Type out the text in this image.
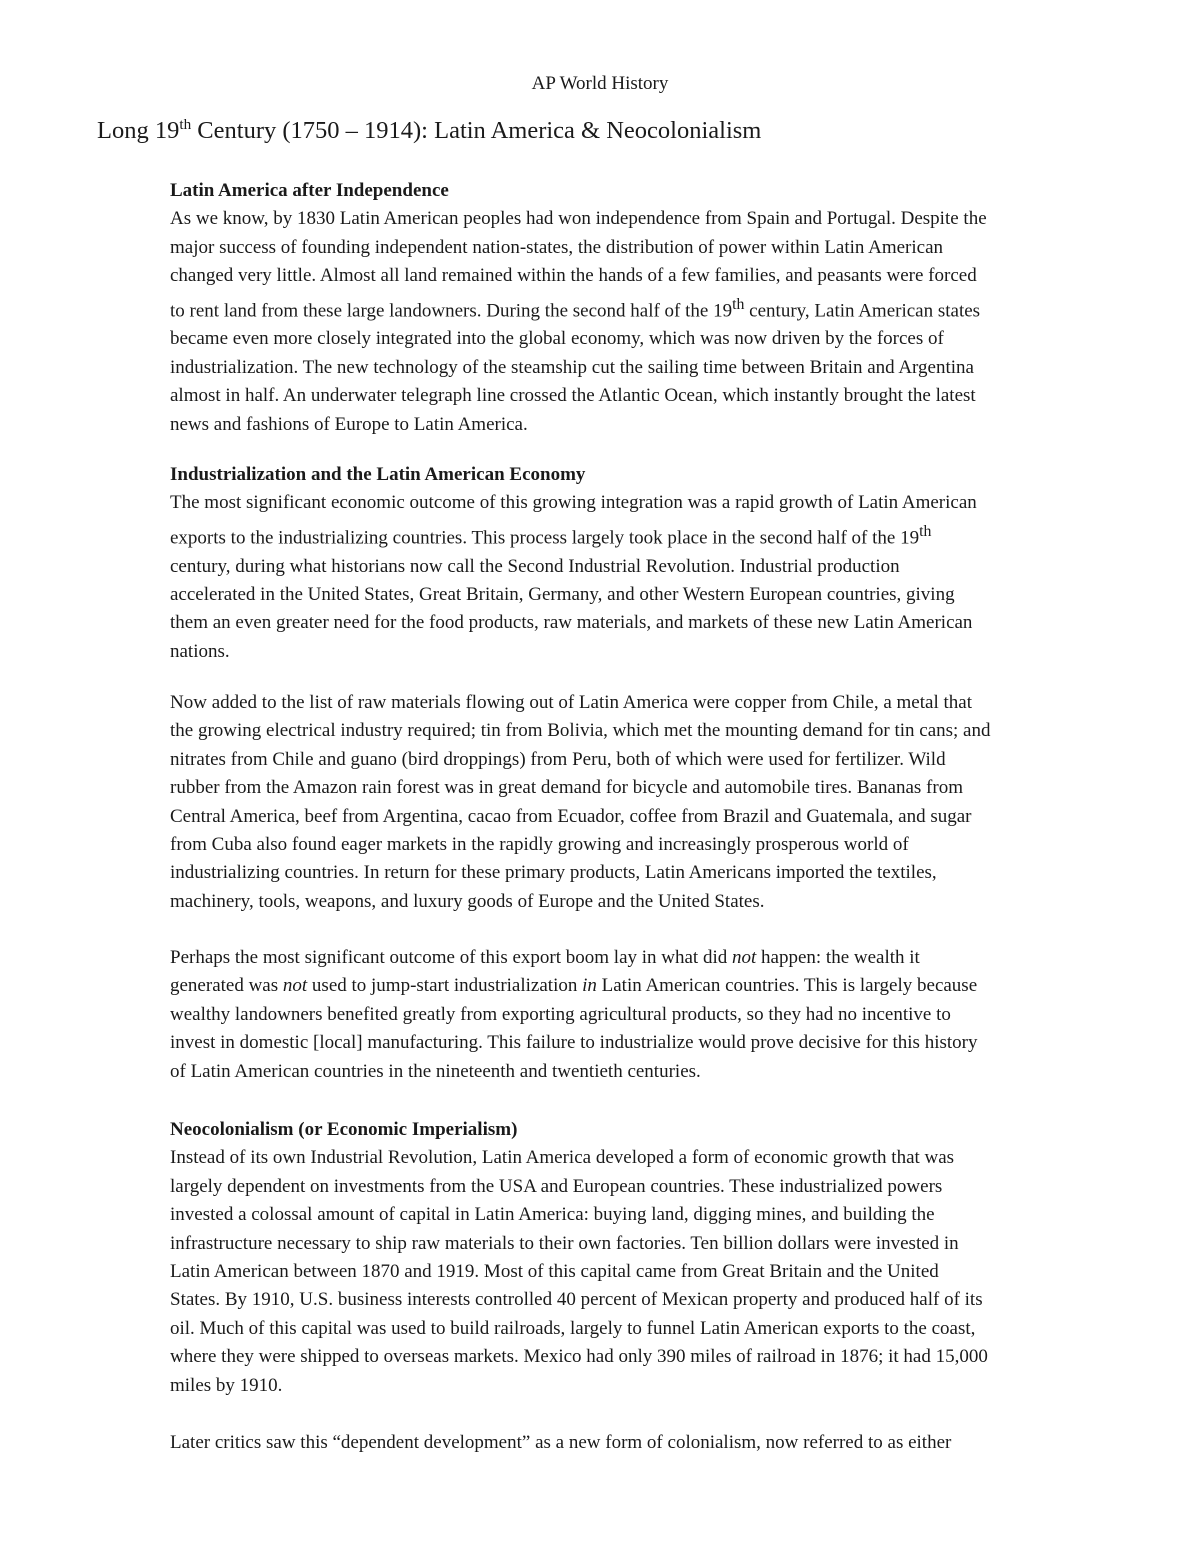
AP World History
Long 19th Century (1750 – 1914): Latin America & Neocolonialism
Latin America after Independence
As we know, by 1830 Latin American peoples had won independence from Spain and Portugal. Despite the
major success of founding independent nation-states, the distribution of power within Latin American
changed very little. Almost all land remained within the hands of a few families, and peasants were forced
to rent land from these large landowners. During the second half of the 19th century, Latin American states
became even more closely integrated into the global economy, which was now driven by the forces of
industrialization. The new technology of the steamship cut the sailing time between Britain and Argentina
almost in half. An underwater telegraph line crossed the Atlantic Ocean, which instantly brought the latest
news and fashions of Europe to Latin America.
Industrialization and the Latin American Economy
The most significant economic outcome of this growing integration was a rapid growth of Latin American
exports to the industrializing countries. This process largely took place in the second half of the 19th
century, during what historians now call the Second Industrial Revolution. Industrial production
accelerated in the United States, Great Britain, Germany, and other Western European countries, giving
them an even greater need for the food products, raw materials, and markets of these new Latin American
nations.
Now added to the list of raw materials flowing out of Latin America were copper from Chile, a metal that
the growing electrical industry required; tin from Bolivia, which met the mounting demand for tin cans; and
nitrates from Chile and guano (bird droppings) from Peru, both of which were used for fertilizer. Wild
rubber from the Amazon rain forest was in great demand for bicycle and automobile tires. Bananas from
Central America, beef from Argentina, cacao from Ecuador, coffee from Brazil and Guatemala, and sugar
from Cuba also found eager markets in the rapidly growing and increasingly prosperous world of
industrializing countries. In return for these primary products, Latin Americans imported the textiles,
machinery, tools, weapons, and luxury goods of Europe and the United States.
Perhaps the most significant outcome of this export boom lay in what did not happen: the wealth it
generated was not used to jump-start industrialization in Latin American countries. This is largely because
wealthy landowners benefited greatly from exporting agricultural products, so they had no incentive to
invest in domestic [local] manufacturing. This failure to industrialize would prove decisive for this history
of Latin American countries in the nineteenth and twentieth centuries.
Neocolonialism (or Economic Imperialism)
Instead of its own Industrial Revolution, Latin America developed a form of economic growth that was
largely dependent on investments from the USA and European countries. These industrialized powers
invested a colossal amount of capital in Latin America: buying land, digging mines, and building the
infrastructure necessary to ship raw materials to their own factories. Ten billion dollars were invested in
Latin American between 1870 and 1919. Most of this capital came from Great Britain and the United
States. By 1910, U.S. business interests controlled 40 percent of Mexican property and produced half of its
oil. Much of this capital was used to build railroads, largely to funnel Latin American exports to the coast,
where they were shipped to overseas markets. Mexico had only 390 miles of railroad in 1876; it had 15,000
miles by 1910.
Later critics saw this “dependent development” as a new form of colonialism, now referred to as either
